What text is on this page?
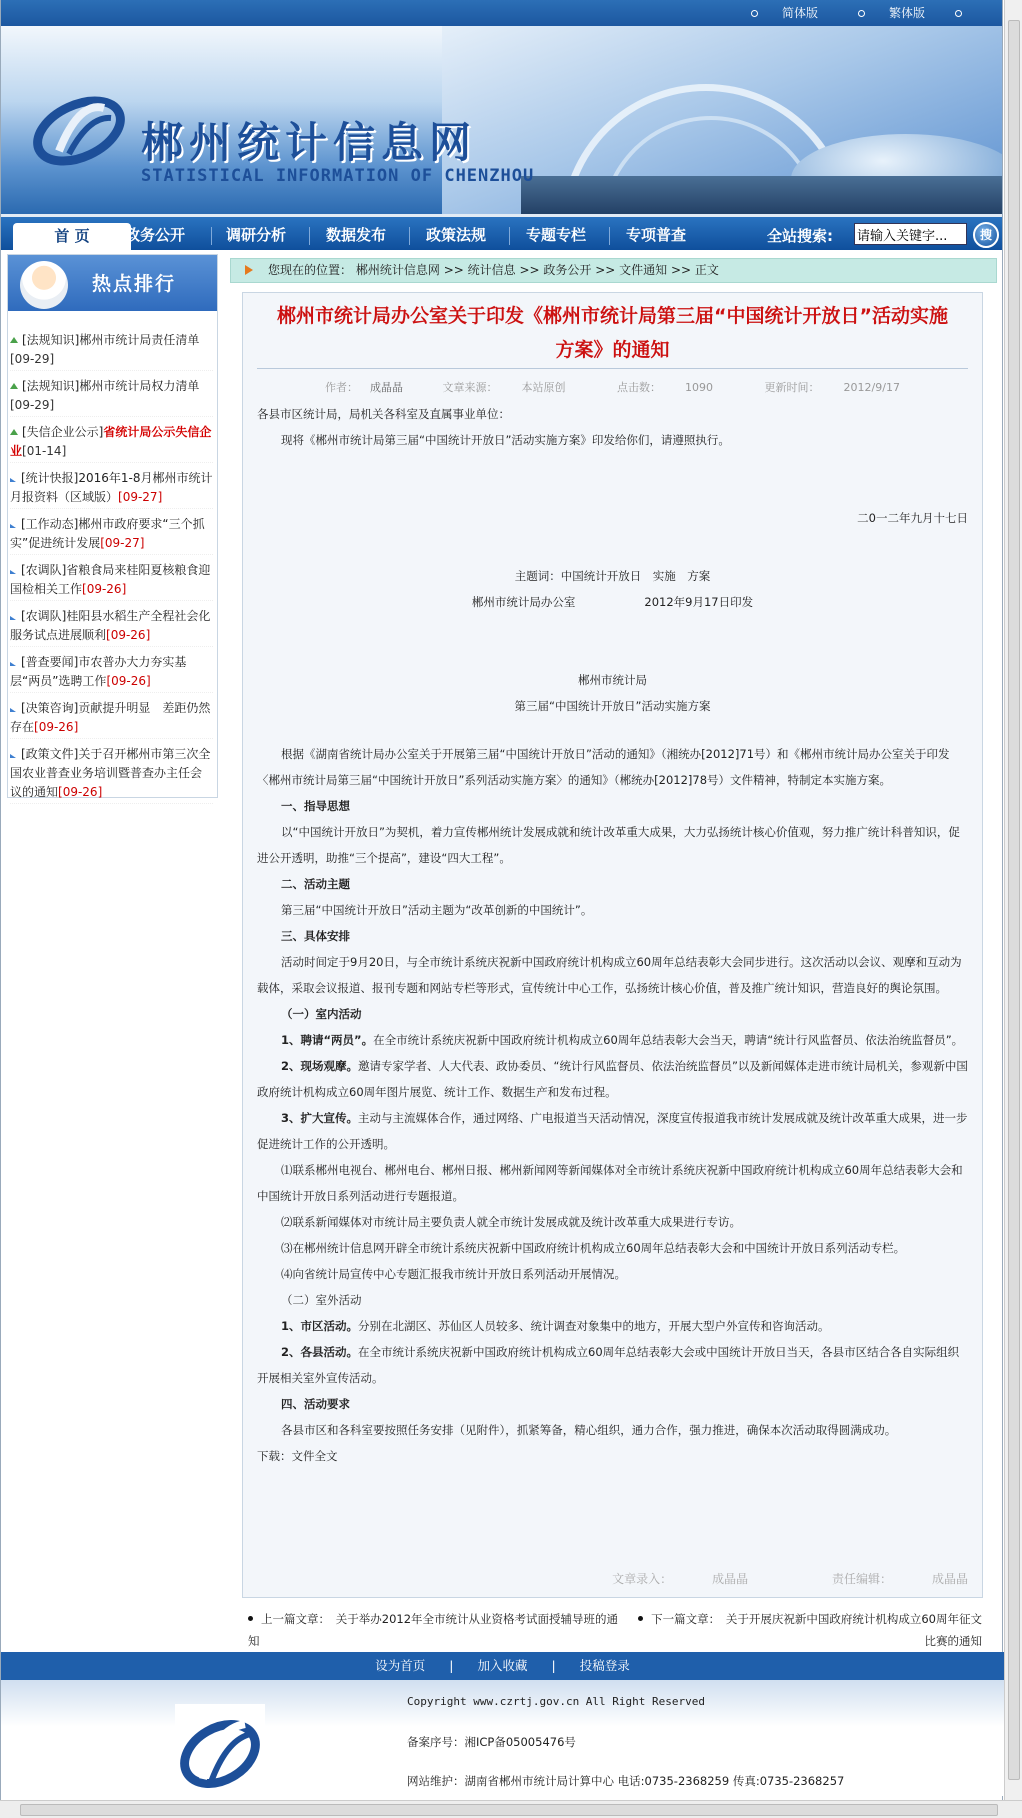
简体版	繁体版
郴州统计信息网
STATISTICAL INFORMATION OF CHENZHOU
首 页	政务公开	调研分析	数据发布	政策法规	专题专栏	专项普查	全站搜索:
请输入关键字...	搜
热点排行
[法规知识]郴州市统计局责任清单[09-29]
[法规知识]郴州市统计局权力清单[09-29]
[失信企业公示]省统计局公示失信企业[01-14]
[统计快报]2016年1-8月郴州市统计月报资料（区域版）[09-27]
[工作动态]郴州市政府要求“三个抓实”促进统计发展[09-27]
[农调队]省粮食局来桂阳夏核粮食迎国检相关工作[09-26]
[农调队]桂阳县水稻生产全程社会化服务试点进展顺利[09-26]
[普查要闻]市农普办大力夯实基层“两员”选聘工作[09-26]
[决策咨询]贡献提升明显　差距仍然存在[09-26]
[政策文件]关于召开郴州市第三次全国农业普查业务培训暨普查办主任会议的通知[09-26]
您现在的位置： 郴州统计信息网 >> 统计信息 >> 政务公开 >> 文件通知 >> 正文
郴州市统计局办公室关于印发《郴州市统计局第三届“中国统计开放日”活动实施方案》的通知
作者： 成晶晶	文章来源： 本站原创	点击数： 1090	更新时间： 2012/9/17

各县市区统计局，局机关各科室及直属事业单位：

现将《郴州市统计局第三届“中国统计开放日”活动实施方案》印发给你们，请遵照执行。

二0一二年九月十七日

主题词：中国统计开放日　实施　方案

郴州市统计局办公室　　　　　　2012年9月17日印发

郴州市统计局

第三届“中国统计开放日”活动实施方案

根据《湖南省统计局办公室关于开展第三届“中国统计开放日”活动的通知》（湘统办[2012]71号）和《郴州市统计局办公室关于印发〈郴州市统计局第三届“中国统计开放日”系列活动实施方案〉的通知》（郴统办[2012]78号）文件精神，特制定本实施方案。

一、指导思想

以“中国统计开放日”为契机，着力宣传郴州统计发展成就和统计改革重大成果，大力弘扬统计核心价值观，努力推广统计科普知识，促进公开透明，助推“三个提高”，建设“四大工程”。

二、活动主题

第三届“中国统计开放日”活动主题为“改革创新的中国统计”。

三、具体安排

活动时间定于9月20日，与全市统计系统庆祝新中国政府统计机构成立60周年总结表彰大会同步进行。这次活动以会议、观摩和互动为载体，采取会议报道、报刊专题和网站专栏等形式，宣传统计中心工作，弘扬统计核心价值，普及推广统计知识，营造良好的舆论氛围。

（一）室内活动

1、聘请“两员”。在全市统计系统庆祝新中国政府统计机构成立60周年总结表彰大会当天，聘请“统计行风监督员、依法治统监督员”。

2、现场观摩。邀请专家学者、人大代表、政协委员、“统计行风监督员、依法治统监督员”以及新闻媒体走进市统计局机关，参观新中国政府统计机构成立60周年图片展览、统计工作、数据生产和发布过程。

3、扩大宣传。主动与主流媒体合作，通过网络、广电报道当天活动情况，深度宣传报道我市统计发展成就及统计改革重大成果，进一步促进统计工作的公开透明。

⑴联系郴州电视台、郴州电台、郴州日报、郴州新闻网等新闻媒体对全市统计系统庆祝新中国政府统计机构成立60周年总结表彰大会和中国统计开放日系列活动进行专题报道。

⑵联系新闻媒体对市统计局主要负责人就全市统计发展成就及统计改革重大成果进行专访。

⑶在郴州统计信息网开辟全市统计系统庆祝新中国政府统计机构成立60周年总结表彰大会和中国统计开放日系列活动专栏。

⑷向省统计局宣传中心专题汇报我市统计开放日系列活动开展情况。

（二）室外活动

1、市区活动。分别在北湖区、苏仙区人员较多、统计调查对象集中的地方，开展大型户外宣传和咨询活动。

2、各县活动。在全市统计系统庆祝新中国政府统计机构成立60周年总结表彰大会或中国统计开放日当天，各县市区结合各自实际组织开展相关室外宣传活动。

四、活动要求

各县市区和各科室要按照任务安排（见附件），抓紧筹备，精心组织，通力合作，强力推进，确保本次活动取得圆满成功。

下载：文件全文

文章录入：	成晶晶	责任编辑：	成晶晶
上一篇文章：　 关于举办2012年全市统计从业资格考试面授辅导班的通知
下一篇文章：　 关于开展庆祝新中国政府统计机构成立60周年征文比赛的通知
设为首页 | 加入收藏 | 投稿登录
Copyright www.czrtj.gov.cn All Right Reserved
备案序号：湘ICP备05005476号
网站维护：湖南省郴州市统计局计算中心 电话:0735-2368259 传真:0735-2368257
